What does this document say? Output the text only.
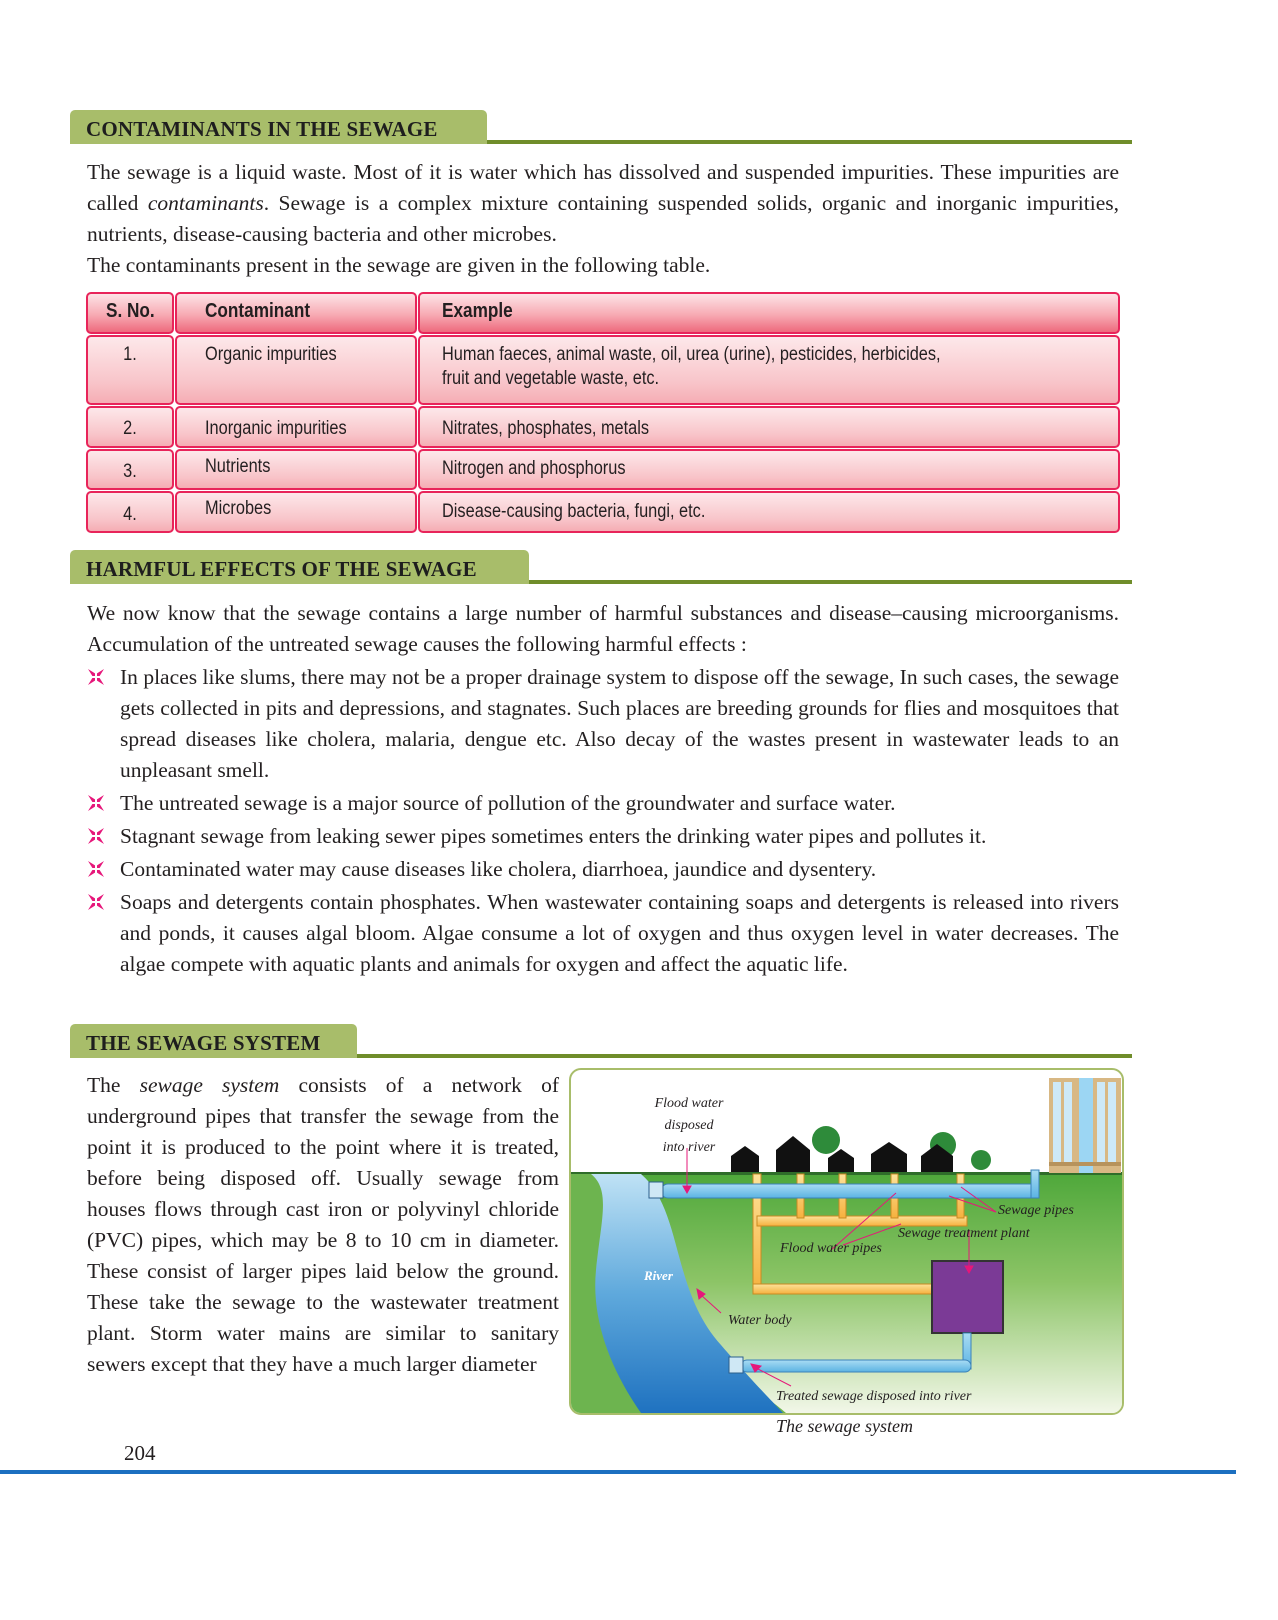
CONTAMINANTS IN THE SEWAGE

The sewage is a liquid waste. Most of it is water which has dissolved and suspended impurities. These impurities are called contaminants. Sewage is a complex mixture containing suspended solids, organic and inorganic impurities, nutrients, disease-causing bacteria and other microbes.

The contaminants present in the sewage are given in the following table.

S. No.	Contaminant	Example
1.	Organic impurities	Human faeces, animal waste, oil, urea (urine), pesticides, herbicides,
fruit and vegetable waste, etc.
2.	Inorganic impurities	Nitrates, phosphates, metals
3.	Nutrients	Nitrogen and phosphorus
4.	Microbes	Disease-causing bacteria, fungi, etc.
HARMFUL EFFECTS OF THE SEWAGE

We now know that the sewage contains a large number of harmful substances and disease–causing microorganisms. Accumulation of the untreated sewage causes the following harmful effects :

In places like slums, there may not be a proper drainage system to dispose off the sewage, In such cases, the sewage gets collected in pits and depressions, and stagnates. Such places are breeding grounds for flies and mosquitoes that spread diseases like cholera, malaria, dengue etc. Also decay of the wastes present in wastewater leads to an unpleasant smell.

The untreated sewage is a major source of pollution of the groundwater and surface water.

Stagnant sewage from leaking sewer pipes sometimes enters the drinking water pipes and pollutes it.

Contaminated water may cause diseases like cholera, diarrhoea, jaundice and dysentery.

Soaps and detergents contain phosphates. When wastewater containing soaps and detergents is released into rivers and ponds, it causes algal bloom. Algae consume a lot of oxygen and thus oxygen level in water decreases. The algae compete with aquatic plants and animals for oxygen and affect the aquatic life.

THE SEWAGE SYSTEM

The sewage system consists of a network of underground pipes that transfer the sewage from the point it is produced to the point where it is treated, before being disposed off. Usually sewage from houses flows through cast iron or polyvinyl chloride (PVC) pipes, which may be 8 to 10 cm in diameter. These consist of larger pipes laid below the ground. These take the sewage to the wastewater treatment plant. Storm water mains are similar to sanitary sewers except that they have a much larger diameter

Flood water
disposed
into river
Sewage pipes
Sewage treatment plant
Flood water pipes
River
Water body
Treated sewage disposed into river
The sewage system
204
